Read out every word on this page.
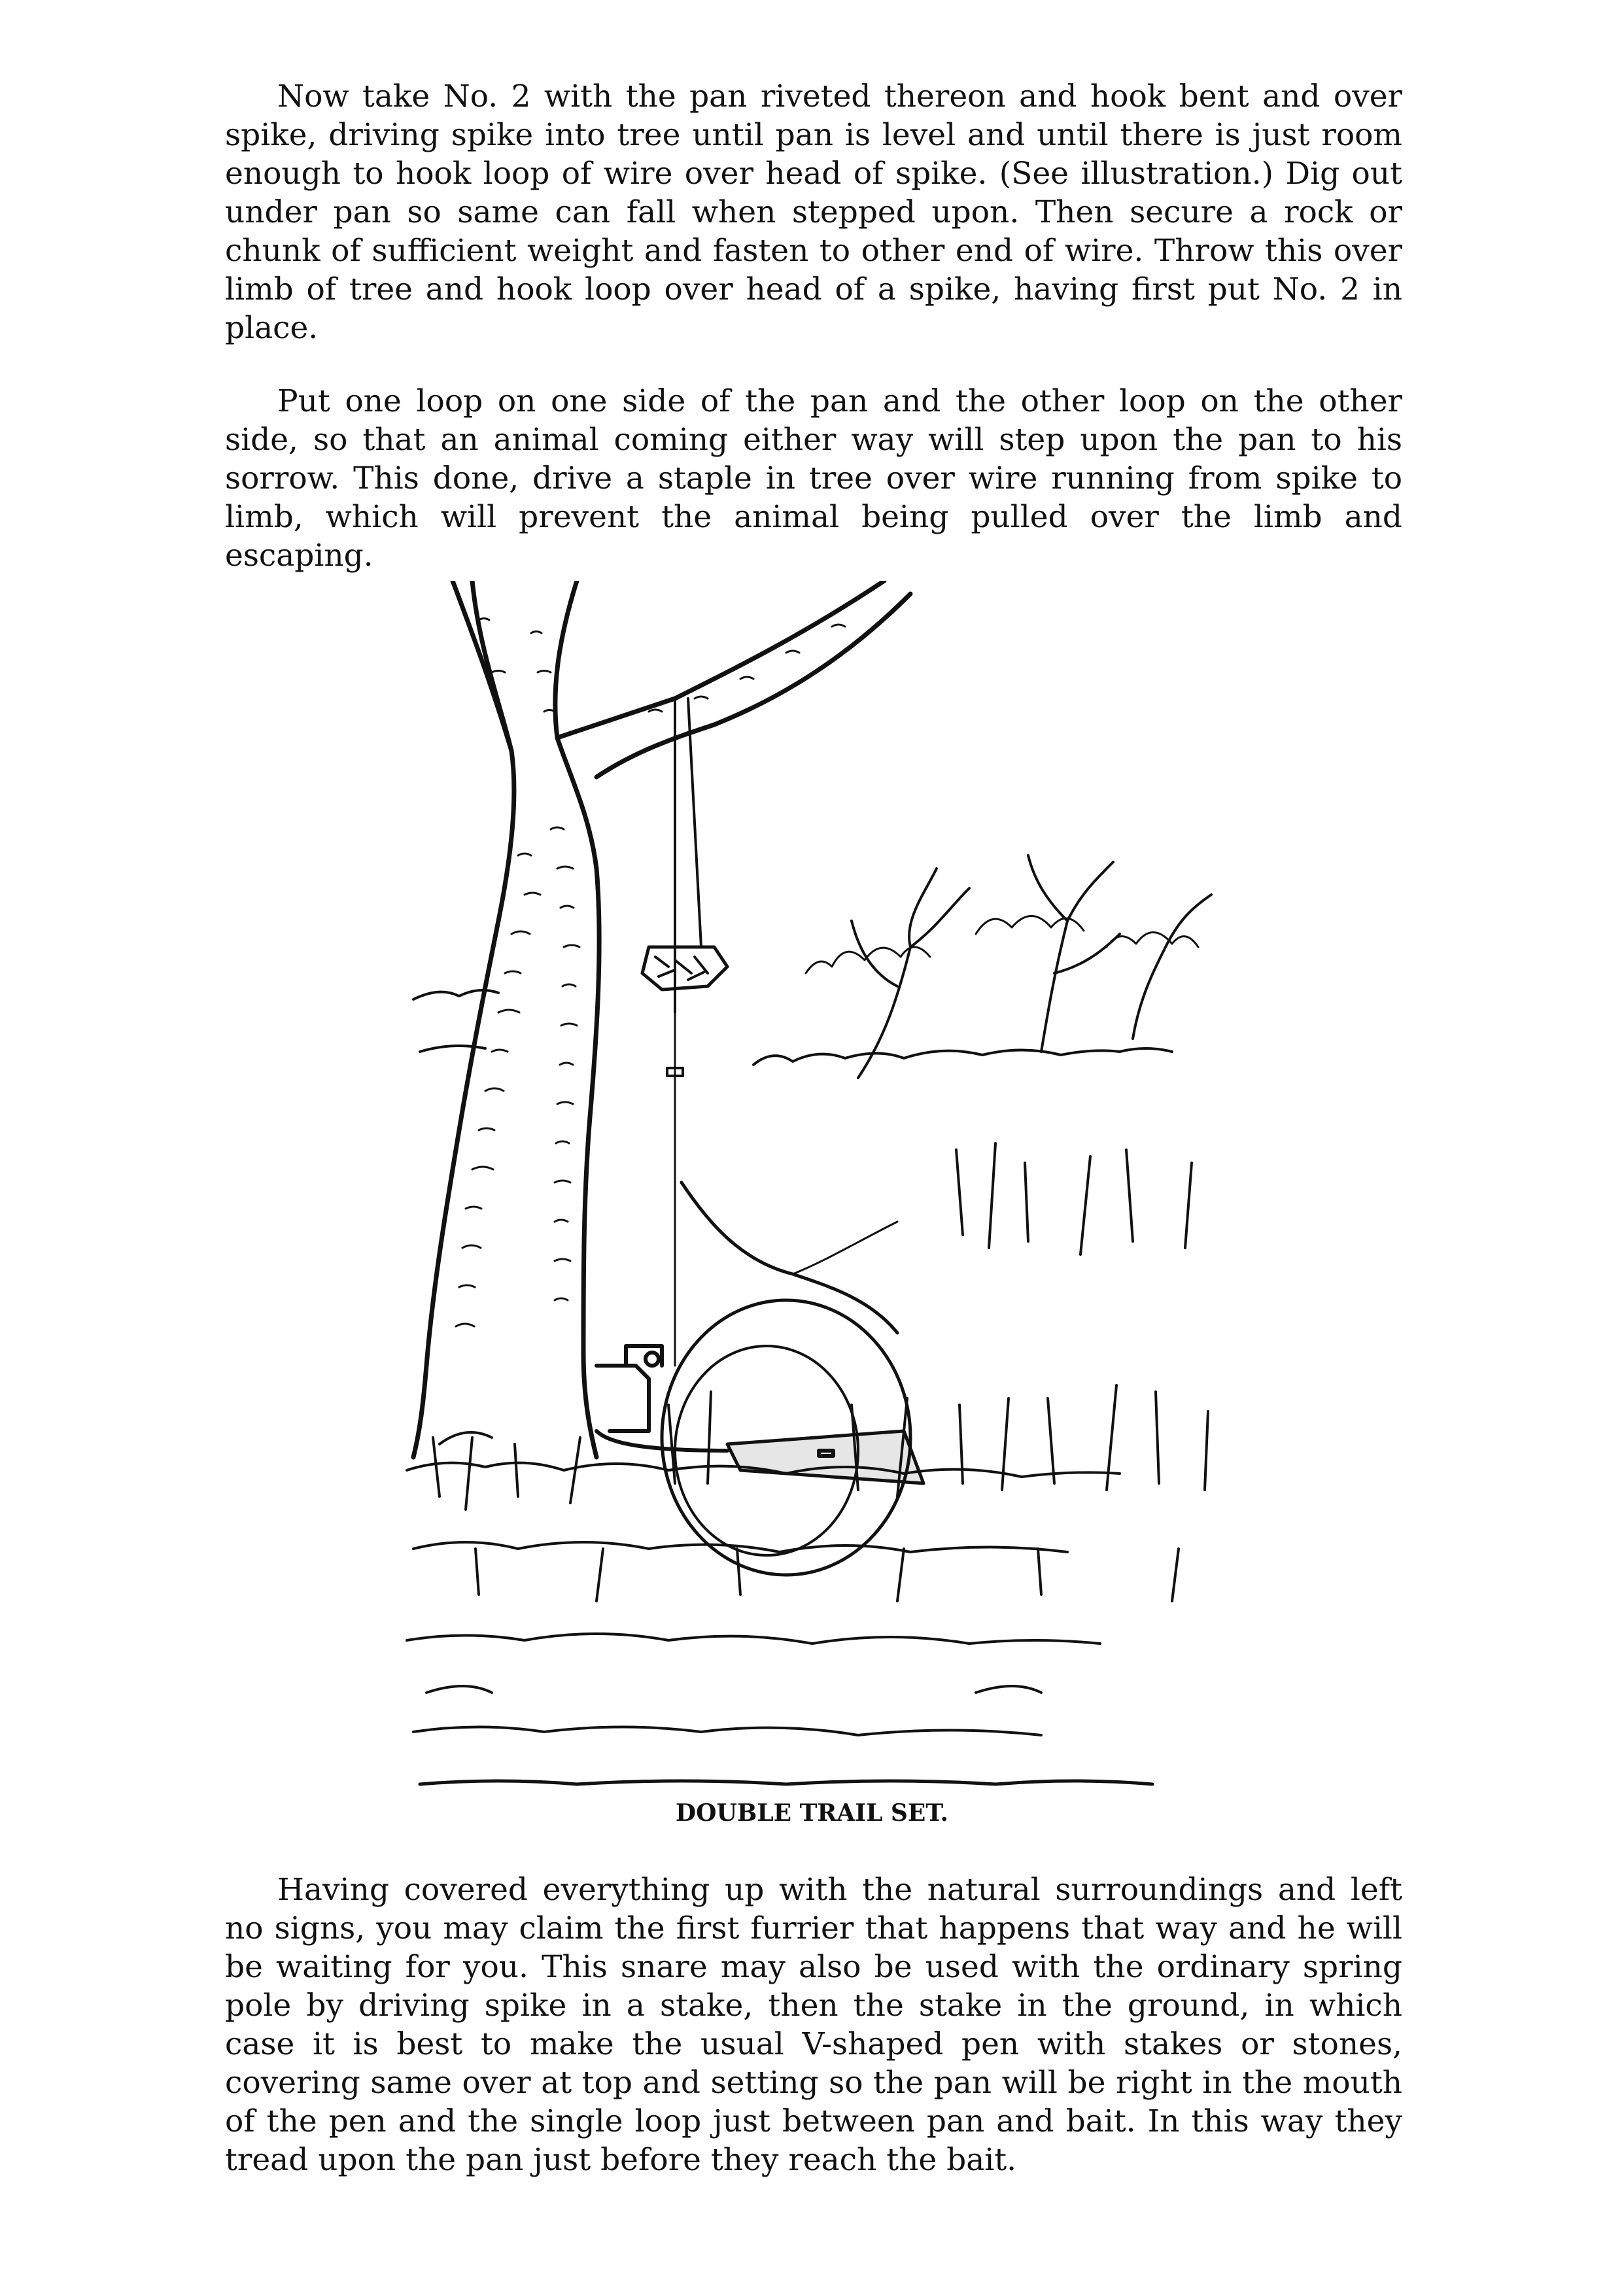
Now take No. 2 with the pan riveted thereon and hook bent and over spike, driving spike into tree until pan is level and until there is just room enough to hook loop of wire over head of spike. (See illustration.) Dig out under pan so same can fall when stepped upon. Then secure a rock or chunk of sufficient weight and fasten to other end of wire. Throw this over limb of tree and hook loop over head of a spike, having first put No. 2 in place.

Put one loop on one side of the pan and the other loop on the other side, so that an animal coming either way will step upon the pan to his sorrow. This done, drive a staple in tree over wire running from spike to limb, which will prevent the animal being pulled over the limb and escaping.

DOUBLE TRAIL SET.

Having covered everything up with the natural surroundings and left no signs, you may claim the first furrier that happens that way and he will be waiting for you. This snare may also be used with the ordinary spring pole by driving spike in a stake, then the stake in the ground, in which case it is best to make the usual V-shaped pen with stakes or stones, covering same over at top and setting so the pan will be right in the mouth of the pen and the single loop just between pan and bait. In this way they tread upon the pan just before they reach the bait.
